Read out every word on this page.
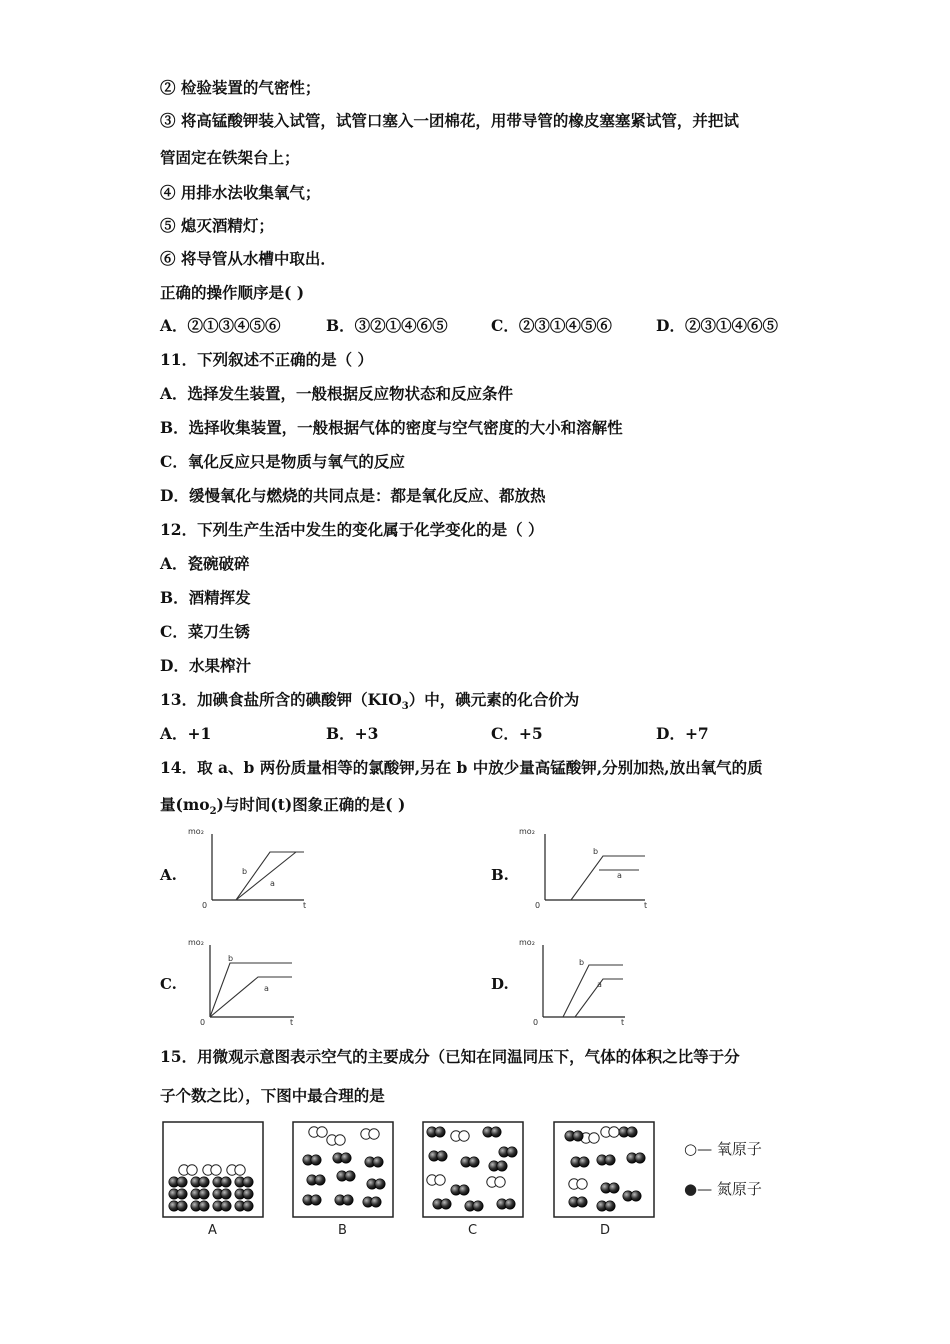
② 检验装置的气密性；
③ 将高锰酸钾装入试管，试管口塞入一团棉花，用带导管的橡皮塞塞紧试管，并把试
管固定在铁架台上；
④ 用排水法收集氧气；
⑤ 熄灭酒精灯；
⑥ 将导管从水槽中取出．
正确的操作顺序是( )
A．②①③④⑤⑥	B．③②①④⑥⑤	C．②③①④⑤⑥	D．②③①④⑥⑤
11．下列叙述不正确的是（ ）
A．选择发生装置，一般根据反应物状态和反应条件
B．选择收集装置，一般根据气体的密度与空气密度的大小和溶解性
C．氧化反应只是物质与氧气的反应
D．缓慢氧化与燃烧的共同点是：都是氧化反应、都放热
12．下列生产生活中发生的变化属于化学变化的是（ ）
A．瓷碗破碎
B．酒精挥发
C．菜刀生锈
D．水果榨汁
13．加碘食盐所含的碘酸钾$(KIO_3)$中，碘元素的化合价为
A．+1	B．+3	C．+5	D．+7
14．取 a、b 两份质量相等的氯酸钾,另在 b 中放少量高锰酸钾,分别加热,放出氧气的质
量$(mo_2)$与时间(t)图象正确的是( )
A.	B.
C.	D.
mo₂
0	t
b
a
mo₂
0	t
b
a
mo₂
0	t
b
a
mo₂
0	t
b
a
15．用微观示意图表示空气的主要成分（已知在同温同压下，气体的体积之比等于分
子个数之比），下图中最合理的是
A	B	C	D
○— 氧原子
●— 氮原子
